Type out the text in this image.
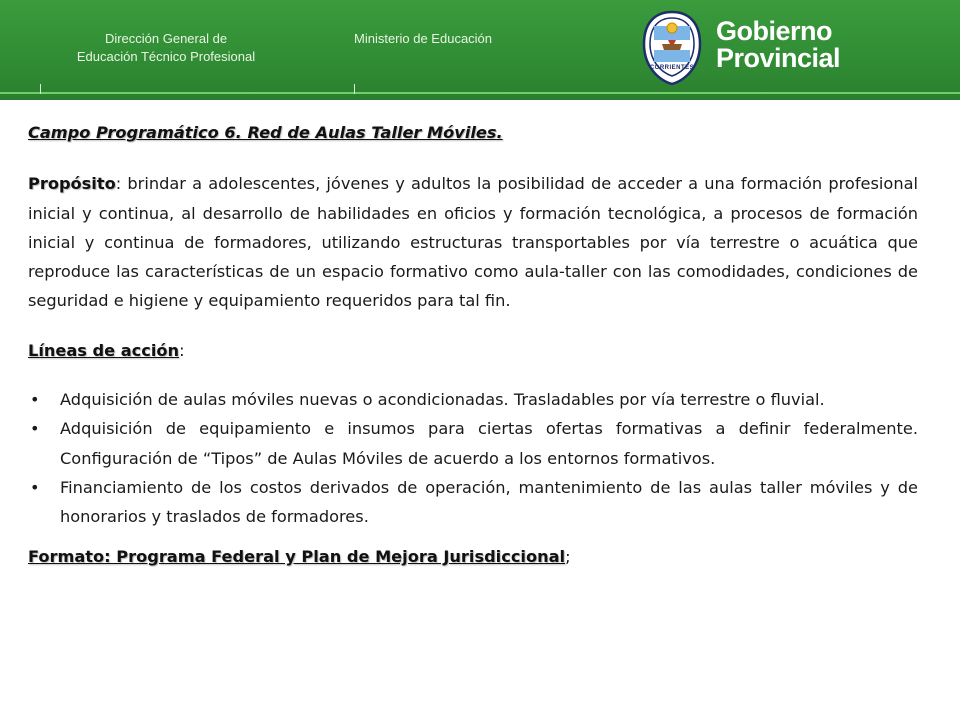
Dirección General de
Educación Técnico Profesional
Ministerio de Educación
CORRIENTES
Gobierno
Provincial
Campo Programático 6. Red de Aulas Taller Móviles.

Propósito: brindar a adolescentes, jóvenes y adultos la posibilidad de acceder a una formación profesional inicial y continua, al desarrollo de habilidades en oficios y formación tecnológica, a procesos de formación inicial y continua de formadores, utilizando estructuras transportables por vía terrestre o acuática que reproduce las características de un espacio formativo como aula-taller con las comodidades, condiciones de seguridad e higiene y equipamiento requeridos para tal fin.

Líneas de acción:

• Adquisición de aulas móviles nuevas o acondicionadas. Trasladables por vía terrestre o fluvial.
• Adquisición de equipamiento e insumos para ciertas ofertas formativas a definir federalmente. Configuración de “Tipos” de Aulas Móviles de acuerdo a los entornos formativos.
• Financiamiento de los costos derivados de operación, mantenimiento de las aulas taller móviles y de honorarios y traslados de formadores.

Formato: Programa Federal y Plan de Mejora Jurisdiccional;
